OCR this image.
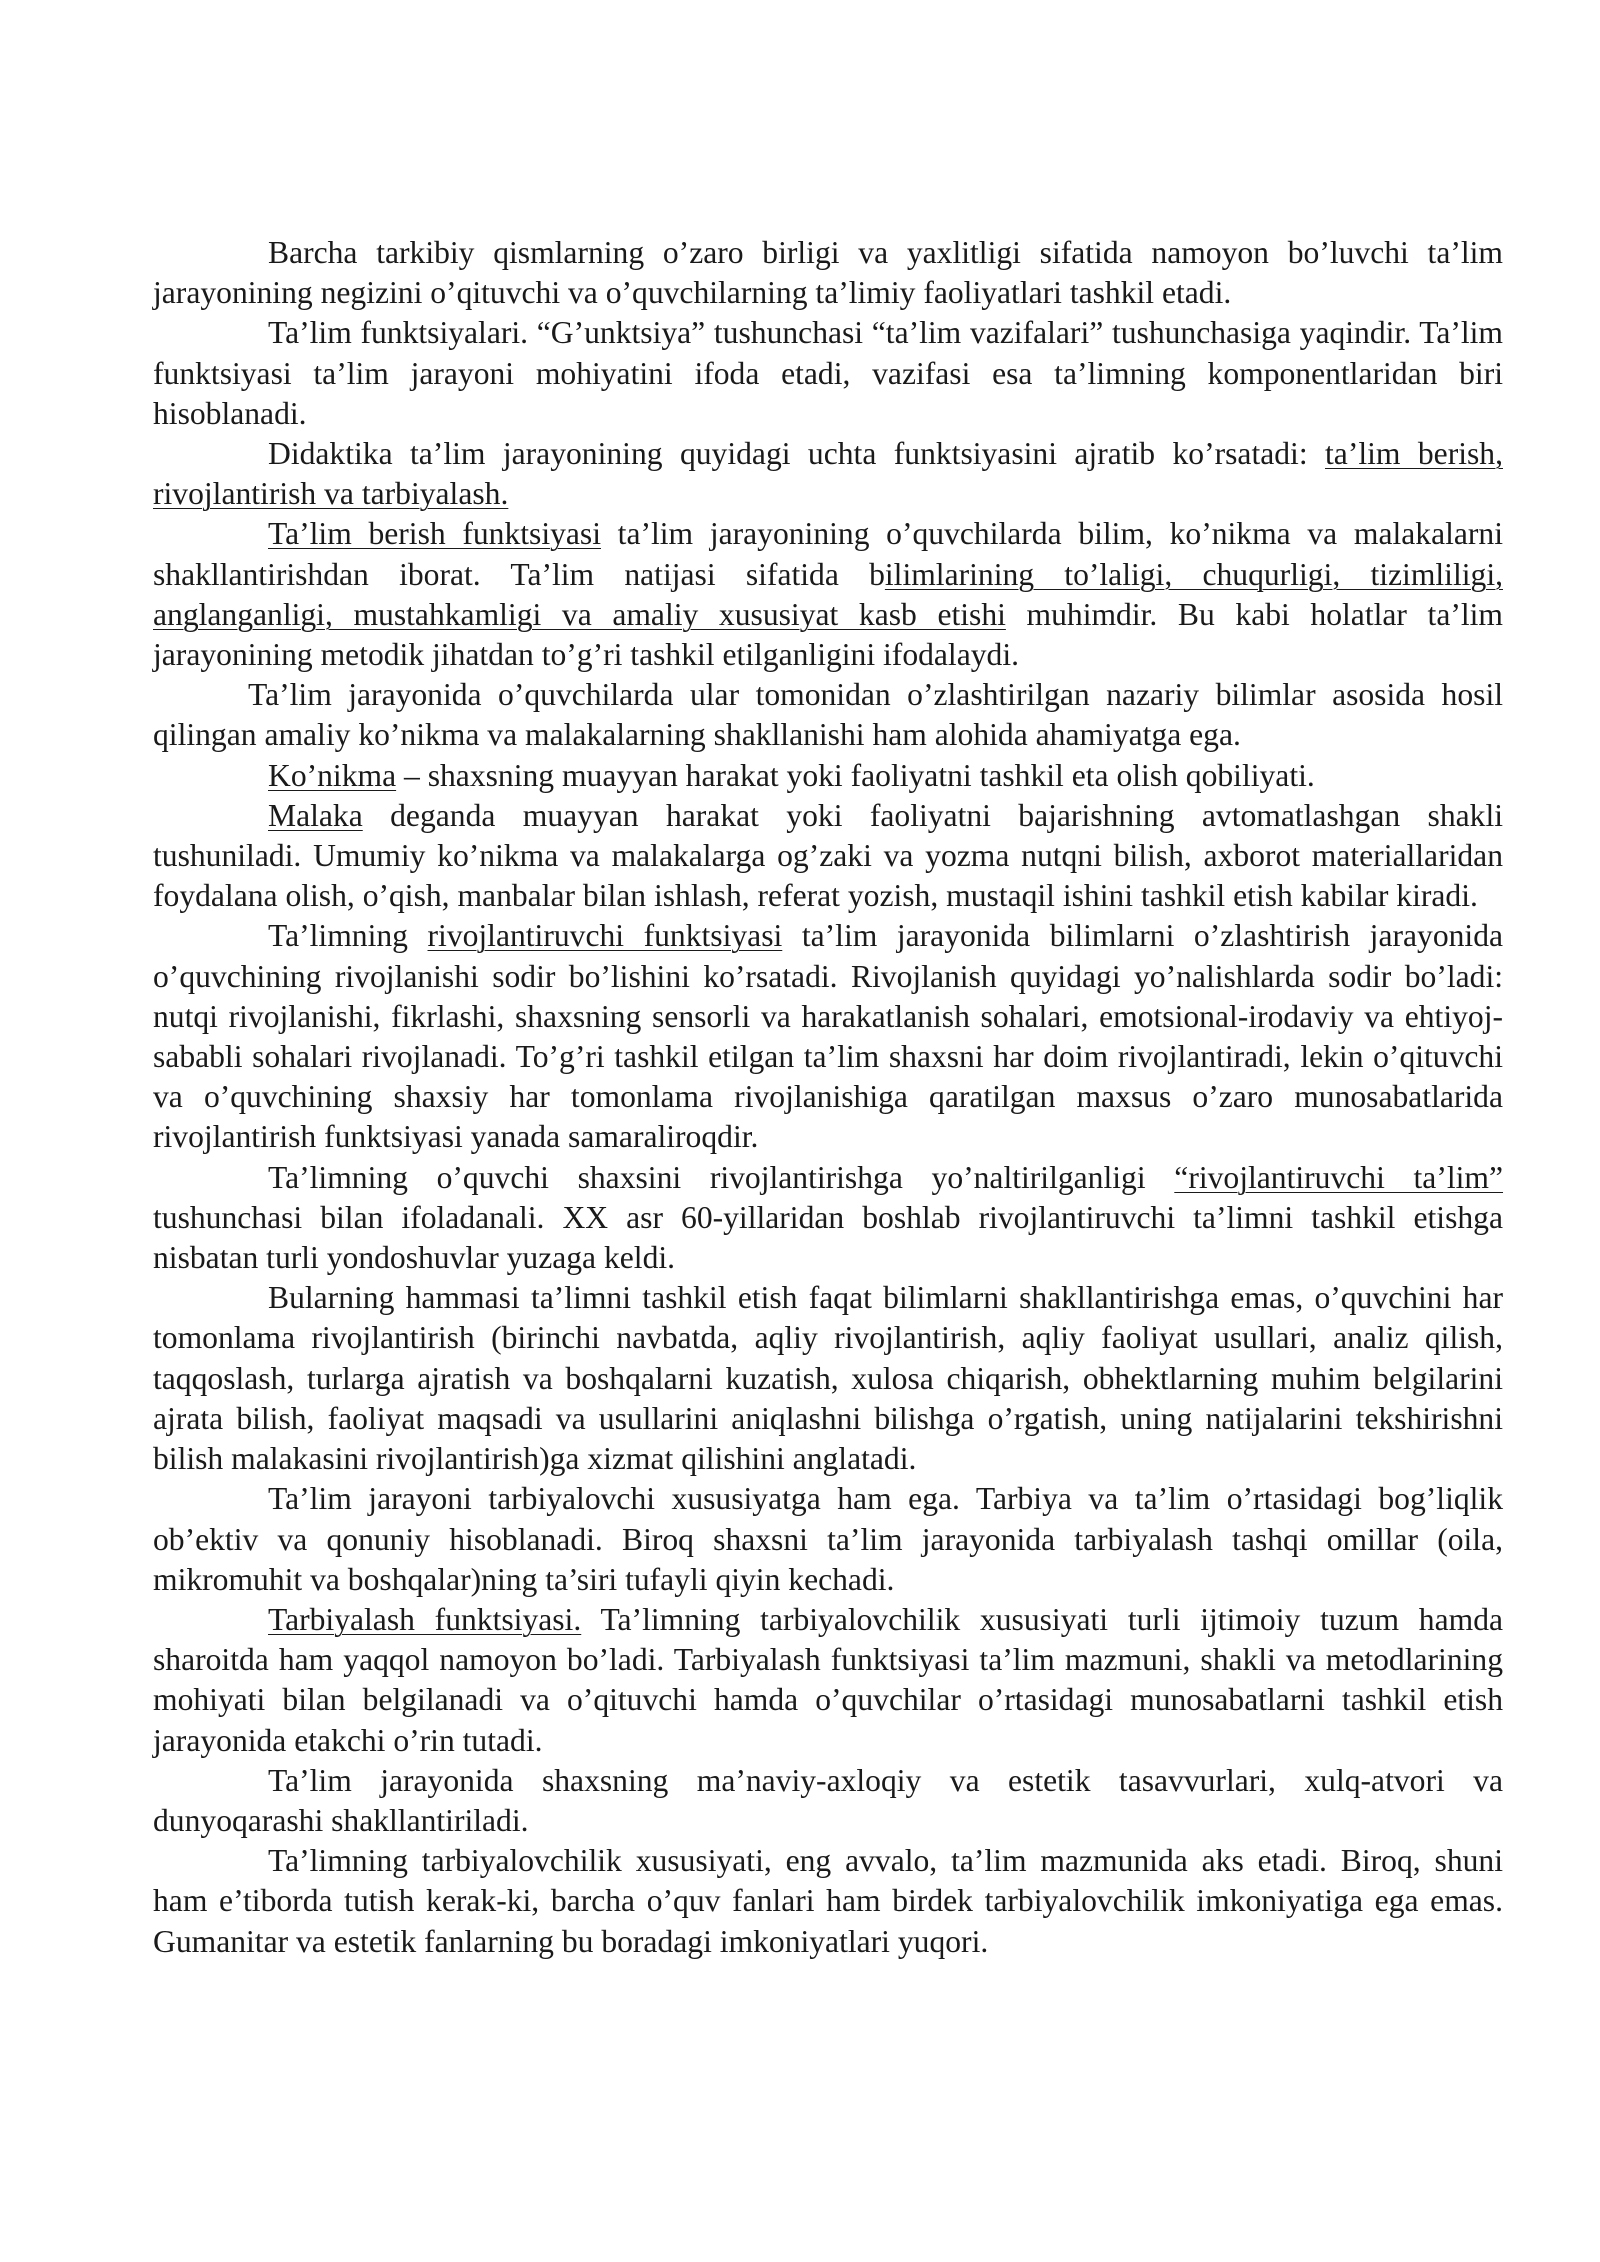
Barcha tarkibiy qismlarning o’zaro birligi va yaxlitligi sifatida namoyon bo’luvchi ta’lim jarayonining negizini o’qituvchi va o’quvchilarning ta’limiy faoliyatlari tashkil etadi.

Ta’lim funktsiyalari. “G’unktsiya” tushunchasi “ta’lim vazifalari” tushunchasiga yaqindir. Ta’lim funktsiyasi ta’lim jarayoni mohiyatini ifoda etadi, vazifasi esa ta’limning komponentlaridan biri hisoblanadi.

Didaktika ta’lim jarayonining quyidagi uchta funktsiyasini ajratib ko’rsatadi: ta’lim berish, rivojlantirish va tarbiyalash.

Ta’lim berish funktsiyasi ta’lim jarayonining o’quvchilarda bilim, ko’nikma va malakalarni shakllantirishdan iborat. Ta’lim natijasi sifatida bilimlarining to’laligi, chuqurligi, tizimliligi, anglanganligi, mustahkamligi va amaliy xususiyat kasb etishi muhimdir. Bu kabi holatlar ta’lim jarayonining metodik jihatdan to’g’ri tashkil etilganligini ifodalaydi.

Ta’lim jarayonida o’quvchilarda ular tomonidan o’zlashtirilgan nazariy bilimlar asosida hosil qilingan amaliy ko’nikma va malakalarning shakllanishi ham alohida ahamiyatga ega.

Ko’nikma – shaxsning muayyan harakat yoki faoliyatni tashkil eta olish qobiliyati.

Malaka deganda muayyan harakat yoki faoliyatni bajarishning avtomatlashgan shakli tushuniladi. Umumiy ko’nikma va malakalarga og’zaki va yozma nutqni bilish, axborot materiallaridan foydalana olish, o’qish, manbalar bilan ishlash, referat yozish, mustaqil ishini tashkil etish kabilar kiradi.

Ta’limning rivojlantiruvchi funktsiyasi ta’lim jarayonida bilimlarni o’zlashtirish jarayonida o’quvchining rivojlanishi sodir bo’lishini ko’rsatadi. Rivojlanish quyidagi yo’nalishlarda sodir bo’ladi: nutqi rivojlanishi, fikrlashi, shaxsning sensorli va harakatlanish sohalari, emotsional-irodaviy va ehtiyoj-sababli sohalari rivojlanadi. To’g’ri tashkil etilgan ta’lim shaxsni har doim rivojlantiradi, lekin o’qituvchi va o’quvchining shaxsiy har tomonlama rivojlanishiga qaratilgan maxsus o’zaro munosabatlarida rivojlantirish funktsiyasi yanada samaraliroqdir.

Ta’limning o’quvchi shaxsini rivojlantirishga yo’naltirilganligi “rivojlantiruvchi ta’lim” tushunchasi bilan ifoladanali. XX asr 60-yillaridan boshlab rivojlantiruvchi ta’limni tashkil etishga nisbatan turli yondoshuvlar yuzaga keldi.

Bularning hammasi ta’limni tashkil etish faqat bilimlarni shakllantirishga emas, o’quvchini har tomonlama rivojlantirish (birinchi navbatda, aqliy rivojlantirish, aqliy faoliyat usullari, analiz qilish, taqqoslash, turlarga ajratish va boshqalarni kuzatish, xulosa chiqarish, obhektlarning muhim belgilarini ajrata bilish, faoliyat maqsadi va usullarini aniqlashni bilishga o’rgatish, uning natijalarini tekshirishni bilish malakasini rivojlantirish)ga xizmat qilishini anglatadi.

Ta’lim jarayoni tarbiyalovchi xususiyatga ham ega. Tarbiya va ta’lim o’rtasidagi bog’liqlik ob’ektiv va qonuniy hisoblanadi. Biroq shaxsni ta’lim jarayonida tarbiyalash tashqi omillar (oila, mikromuhit va boshqalar)ning ta’siri tufayli qiyin kechadi.

Tarbiyalash funktsiyasi. Ta’limning tarbiyalovchilik xususiyati turli ijtimoiy tuzum hamda sharoitda ham yaqqol namoyon bo’ladi. Tarbiyalash funktsiyasi ta’lim mazmuni, shakli va metodlarining mohiyati bilan belgilanadi va o’qituvchi hamda o’quvchilar o’rtasidagi munosabatlarni tashkil etish jarayonida etakchi o’rin tutadi.

Ta’lim jarayonida shaxsning ma’naviy-axloqiy va estetik tasavvurlari, xulq-atvori va dunyoqarashi shakllantiriladi.

Ta’limning tarbiyalovchilik xususiyati, eng avvalo, ta’lim mazmunida aks etadi. Biroq, shuni ham e’tiborda tutish kerak-ki, barcha o’quv fanlari ham birdek tarbiyalovchilik imkoniyatiga ega emas. Gumanitar va estetik fanlarning bu boradagi imkoniyatlari yuqori.
